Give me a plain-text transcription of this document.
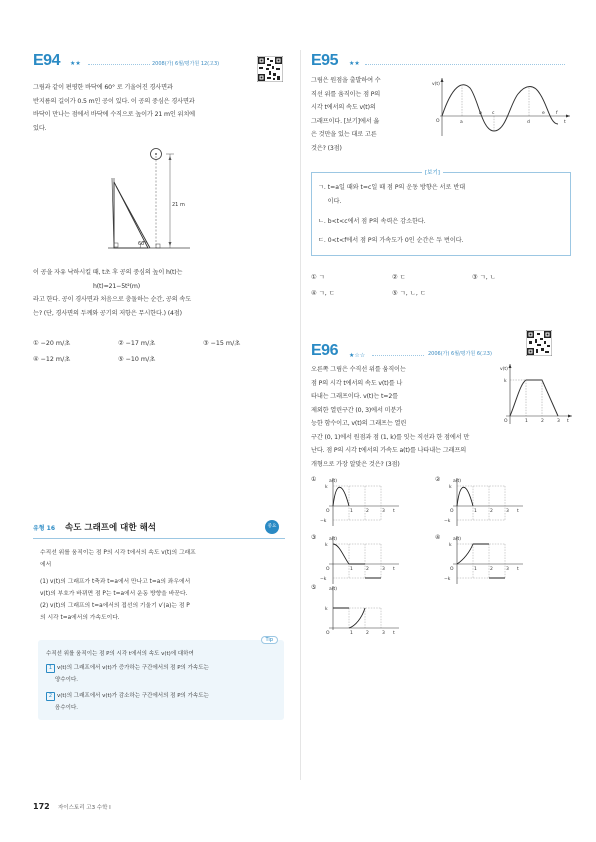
E94 ★★	2008(가) 6월/평가원 12(고3)
그림과 같이 편평한 바닥에 60° 로 기울어진 경사면과
반지름의 길이가 0.5 m인 공이 있다. 이 공의 중심은 경사면과
바닥이 만나는 점에서 바닥에 수직으로 높이가 21 m인 위치에
있다.
21 m
60°
이 공을 자유 낙하시킬 때, t초 후 공의 중심의 높이 h(t)는
h(t)=21−5t²(m)
라고 한다. 공이 경사면과 처음으로 충돌하는 순간, 공의 속도
는? (단, 경사면의 두께와 공기의 저항은 무시한다.) (4점)
① −20 m/초	② −17 m/초	③ −15 m/초
④ −12 m/초	⑤ −10 m/초
유형 16 속도 그래프에 대한 해석	중요
수직선 위를 움직이는 점 P의 시각 t에서의 속도 v(t)의 그래프
에서
(1) v(t)의 그래프가 t축과 t=a에서 만나고 t=a의 좌우에서
v(t)의 부호가 바뀌면 점 P는 t=a에서 운동 방향을 바꾼다.
(2) v(t)의 그래프의 t=a에서의 접선의 기울기 v′(a)는 점 P
의 시각 t=a에서의 가속도이다.
Tip
수직선 위를 움직이는 점 P의 시각 t에서의 속도 v(t)에 대하여
1 v(t)의 그래프에서 v(t)가 증가하는 구간에서의 점 P의 가속도는
양수이다.
2 v(t)의 그래프에서 v(t)가 감소하는 구간에서의 점 P의 가속도는
음수이다.
E95 ★★
그림은 원점을 출발하여 수
직선 위를 움직이는 점 P의
시각 t에서의 속도 v(t)의
그래프이다. [보기]에서 옳
은 것만을 있는 대로 고른
것은? (3점)
v(t)
O	a
b c
d
e f
t
[보기]
ㄱ. t=a일 때와 t=c일 때 점 P의 운동 방향은 서로 반대
이다.
ㄴ. b<t<c에서 점 P의 속력은 감소한다.
ㄷ. 0<t<f에서 점 P의 가속도가 0인 순간은 두 번이다.
① ㄱ	② ㄷ	③ ㄱ, ㄴ
④ ㄱ, ㄷ	⑤ ㄱ, ㄴ, ㄷ
E96 ★☆☆	2006(가) 6월/평가원 6(고3)
오른쪽 그림은 수직선 위를 움직이는
점 P의 시각 t에서의 속도 v(t)를 나
타내는 그래프이다. v(t)는 t=2를
제외한 열린구간 (0, 3)에서 미분가
능한 함수이고, v(t)의 그래프는 열린
구간 (0, 1)에서 원점과 점 (1, k)를 잇는 직선과 한 점에서 만
난다. 점 P의 시각 t에서의 가속도 a(t)를 나타내는 그래프의
개형으로 가장 알맞은 것은? (3점)
v(t)
k
O	1	2	3 t
①	a(t)
k
−k
O	1	2	3 t
②	a(t)
k
−k
O	1	2	3 t
③	a(t)
k
−k
O	1	2	3 t
④	a(t)
k
−k
O	1	2	3 t
⑤	a(t)
k
O	1	2	3 t
172 자이스토리 고3 수학 Ⅰ
